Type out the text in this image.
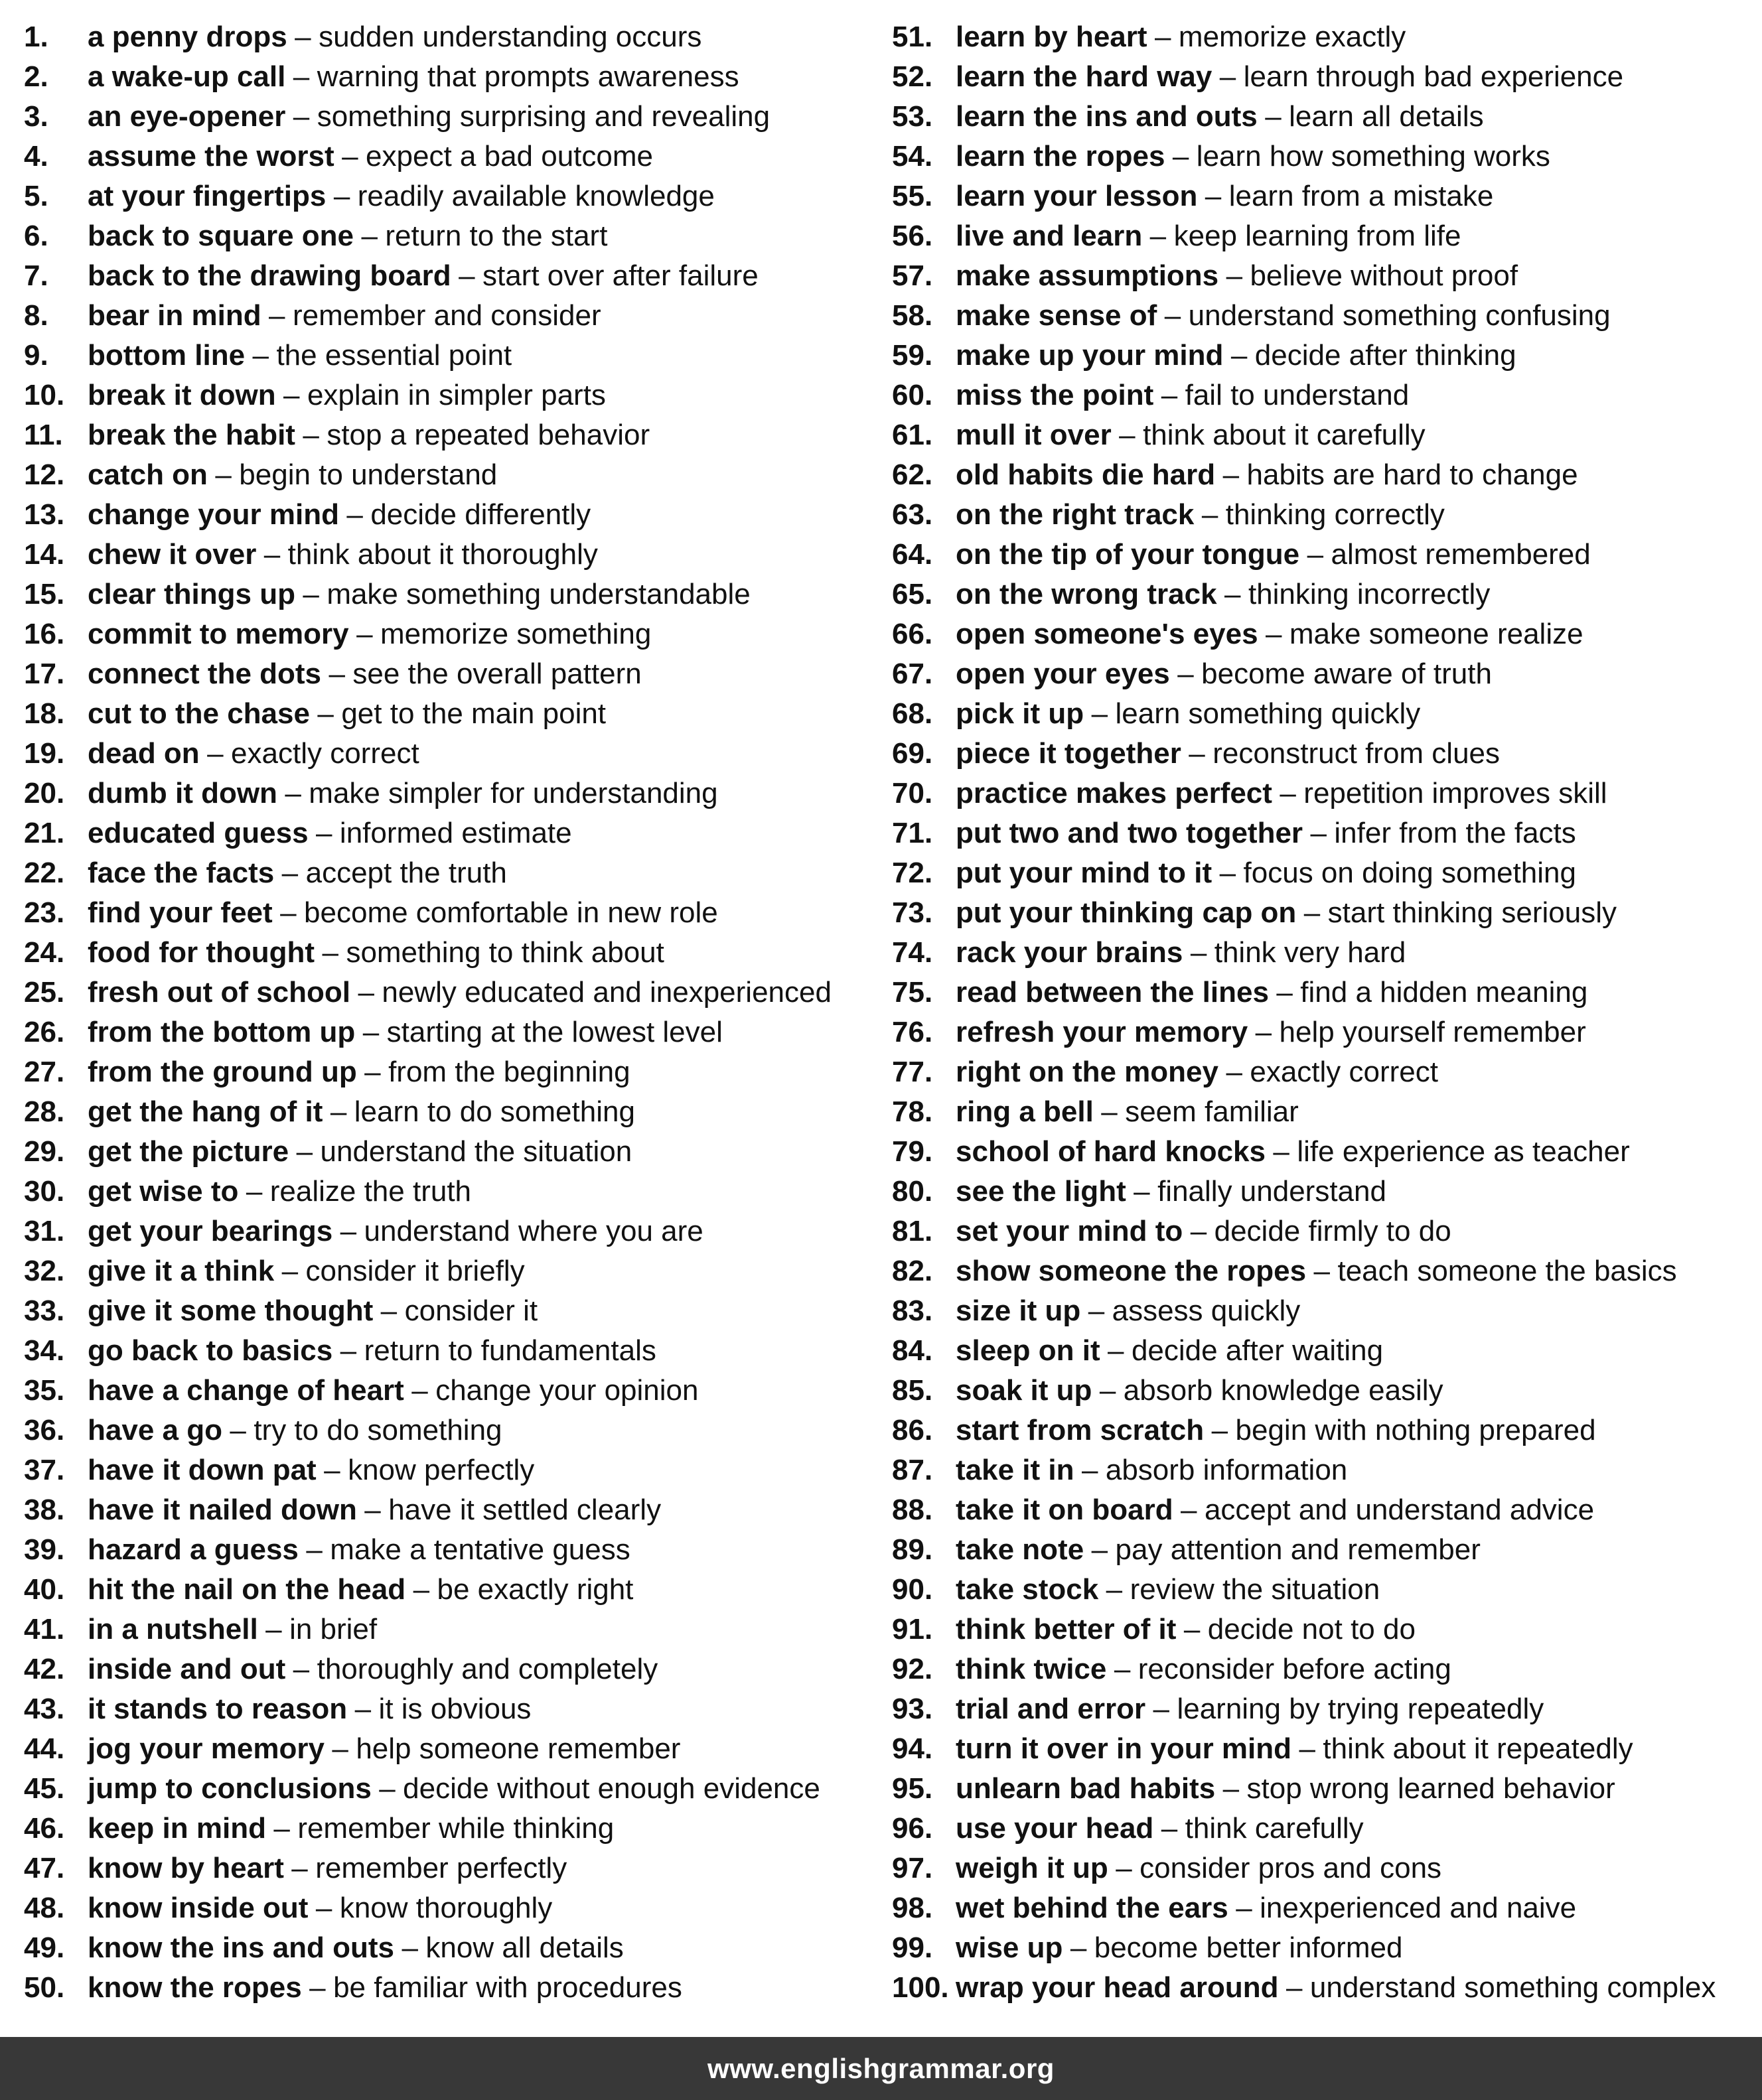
1.	a penny drops – sudden understanding occurs
2.	a wake-up call – warning that prompts awareness
3.	an eye-opener – something surprising and revealing
4.	assume the worst – expect a bad outcome
5.	at your fingertips – readily available knowledge
6.	back to square one – return to the start
7.	back to the drawing board – start over after failure
8.	bear in mind – remember and consider
9.	bottom line – the essential point
10. break it down – explain in simpler parts
11. break the habit – stop a repeated behavior
12. catch on – begin to understand
13. change your mind – decide differently
14. chew it over – think about it thoroughly
15. clear things up – make something understandable
16. commit to memory – memorize something
17. connect the dots – see the overall pattern
18. cut to the chase – get to the main point
19. dead on – exactly correct
20. dumb it down – make simpler for understanding
21. educated guess – informed estimate
22. face the facts – accept the truth
23. find your feet – become comfortable in new role
24. food for thought – something to think about
25. fresh out of school – newly educated and inexperienced
26. from the bottom up – starting at the lowest level
27. from the ground up – from the beginning
28. get the hang of it – learn to do something
29. get the picture – understand the situation
30. get wise to – realize the truth
31. get your bearings – understand where you are
32. give it a think – consider it briefly
33. give it some thought – consider it
34. go back to basics – return to fundamentals
35. have a change of heart – change your opinion
36. have a go – try to do something
37. have it down pat – know perfectly
38. have it nailed down – have it settled clearly
39. hazard a guess – make a tentative guess
40. hit the nail on the head – be exactly right
41. in a nutshell – in brief
42. inside and out – thoroughly and completely
43. it stands to reason – it is obvious
44. jog your memory – help someone remember
45. jump to conclusions – decide without enough evidence
46. keep in mind – remember while thinking
47. know by heart – remember perfectly
48. know inside out – know thoroughly
49. know the ins and outs – know all details
50. know the ropes – be familiar with procedures
51. learn by heart – memorize exactly
52. learn the hard way – learn through bad experience
53. learn the ins and outs – learn all details
54. learn the ropes – learn how something works
55. learn your lesson – learn from a mistake
56. live and learn – keep learning from life
57. make assumptions – believe without proof
58. make sense of – understand something confusing
59. make up your mind – decide after thinking
60. miss the point – fail to understand
61. mull it over – think about it carefully
62. old habits die hard – habits are hard to change
63. on the right track – thinking correctly
64. on the tip of your tongue – almost remembered
65. on the wrong track – thinking incorrectly
66. open someone's eyes – make someone realize
67. open your eyes – become aware of truth
68. pick it up – learn something quickly
69. piece it together – reconstruct from clues
70. practice makes perfect – repetition improves skill
71. put two and two together – infer from the facts
72. put your mind to it – focus on doing something
73. put your thinking cap on – start thinking seriously
74. rack your brains – think very hard
75. read between the lines – find a hidden meaning
76. refresh your memory – help yourself remember
77. right on the money – exactly correct
78. ring a bell – seem familiar
79. school of hard knocks – life experience as teacher
80. see the light – finally understand
81. set your mind to – decide firmly to do
82. show someone the ropes – teach someone the basics
83. size it up – assess quickly
84. sleep on it – decide after waiting
85. soak it up – absorb knowledge easily
86. start from scratch – begin with nothing prepared
87. take it in – absorb information
88. take it on board – accept and understand advice
89. take note – pay attention and remember
90. take stock – review the situation
91. think better of it – decide not to do
92. think twice – reconsider before acting
93. trial and error – learning by trying repeatedly
94. turn it over in your mind – think about it repeatedly
95. unlearn bad habits – stop wrong learned behavior
96. use your head – think carefully
97. weigh it up – consider pros and cons
98. wet behind the ears – inexperienced and naive
99. wise up – become better informed
100. wrap your head around – understand something complex
www.englishgrammar.org
